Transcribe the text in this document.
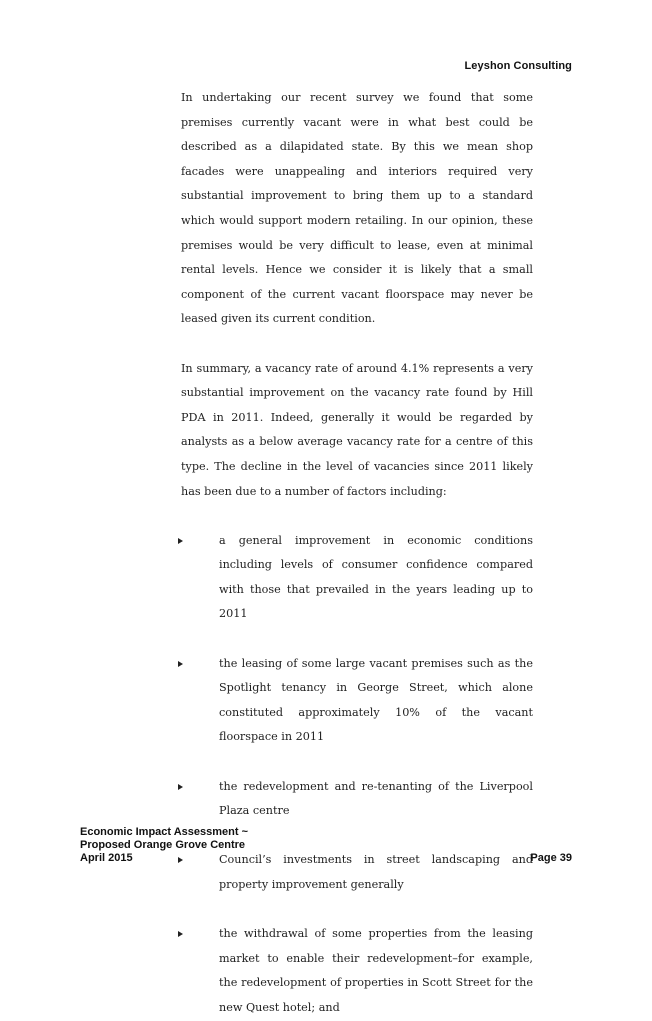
Leyshon Consulting

In undertaking our recent survey we found that some premises currently vacant were in what best could be described as a dilapidated state. By this we mean shop facades were unappealing and interiors required very substantial improvement to bring them up to a standard which would support modern retailing. In our opinion, these premises would be very difficult to lease, even at minimal rental levels. Hence we consider it is likely that a small component of the current vacant floorspace may never be leased given its current condition.

In summary, a vacancy rate of around 4.1% represents a very substantial improvement on the vacancy rate found by Hill PDA in 2011. Indeed, generally it would be regarded by analysts as a below average vacancy rate for a centre of this type. The decline in the level of vacancies since 2011 likely has been due to a number of factors including:

a general improvement in economic conditions including levels of consumer confidence compared with those that prevailed in the years leading up to 2011
the leasing of some large vacant premises such as the Spotlight tenancy in George Street, which alone constituted approximately 10% of the vacant floorspace in 2011
the redevelopment and re-tenanting of the Liverpool Plaza centre
Council’s investments in street landscaping and property improvement generally
the withdrawal of some properties from the leasing market to enable their redevelopment–for example, the redevelopment of properties in Scott Street for the new Quest hotel; and
Economic Impact Assessment ~
Proposed Orange Grove Centre
April 2015	Page 39
